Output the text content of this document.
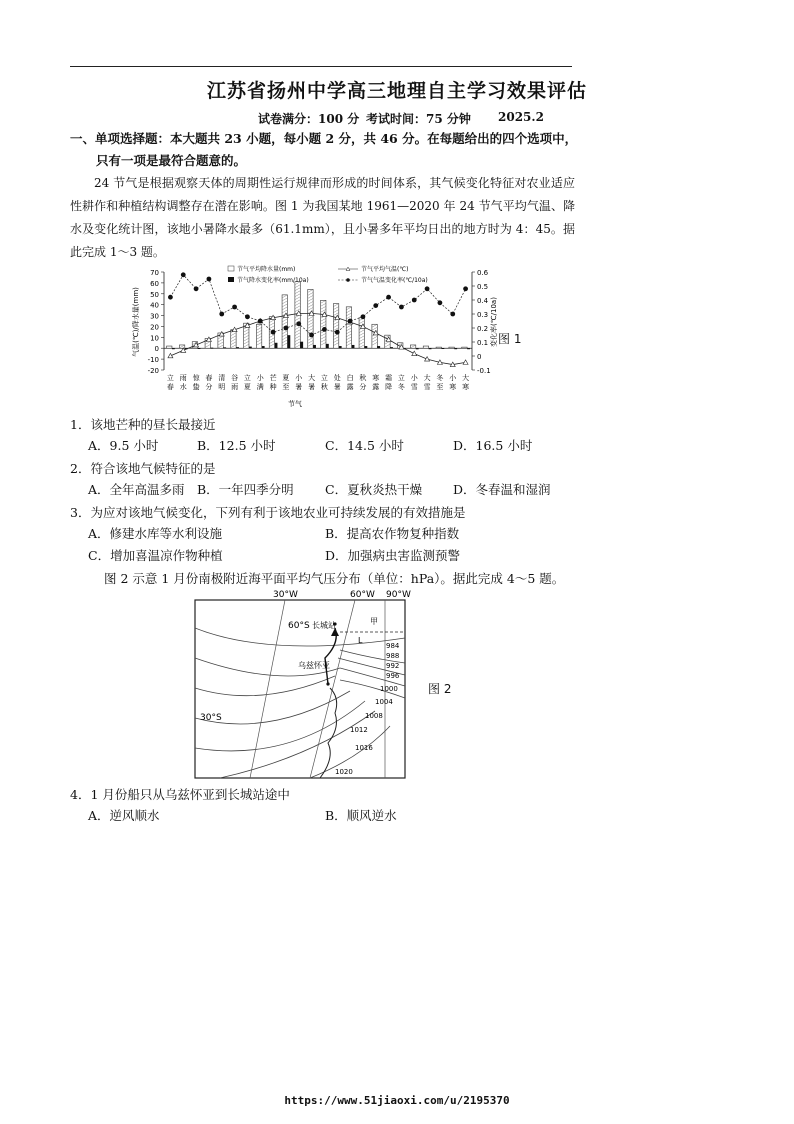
江苏省扬州中学高三地理自主学习效果评估
试卷满分：100 分 考试时间：75 分钟 2025.2
一、单项选择题：本大题共 23 小题，每小题 2 分，共 46 分。在每题给出的四个选项中，
只有一项是最符合题意的。
24 节气是根据观察天体的周期性运行规律而形成的时间体系，其气候变化特征对农业适应性耕作和种植结构调整存在潜在影响。图 1 为我国某地 1961—2020 年 24 节气平均气温、降水及变化统计图，该地小暑降水最多（61.1mm），且小暑多年平均日出的地方时为 4：45。据此完成 1～3 题。
70
60
50
40
30
20
10
0
-10
-20
0.6
0.5
0.4
0.3
0.2
0.1
0
-0.1
气温(℃)/降水量(mm)	变化率(℃/10a)
立春
雨水
惊蛰
春分
清明
谷雨
立夏
小满
芒种
夏至
小暑
大暑
立秋
处暑
白露
秋分
寒露
霜降
立冬
小雪
大雪
冬至
小寒
大寒
节气
节气平均降水量(mm)
节气降水变化率(mm/10a)
节气平均气温(℃)
节气气温变化率(℃/10a)
图 1
1．该地芒种的昼长最接近
A．9.5 小时	B．12.5 小时	C．14.5 小时	D．16.5 小时
2．符合该地气候特征的是
A．全年高温多雨 B．一年四季分明	C．夏秋炎热干燥 D．冬春温和湿润
3．为应对该地气候变化，下列有利于该地农业可持续发展的有效措施是
A．修建水库等水利设施	B．提高农作物复种指数
C．增加喜温凉作物种植	D．加强病虫害监测预警
图 2 示意 1 月份南极附近海平面平均气压分布（单位：hPa）。据此完成 4～5 题。
30°W	60°W 90°W
60°S
30°S
长城站
乌兹怀亚
甲
L
984
988
992
996
1000
1004
1008
1012
1016
1020
图 2
4．1 月份船只从乌兹怀亚到长城站途中
A．逆风顺水	B．顺风逆水
https://www.51jiaoxi.com/u/2195370
